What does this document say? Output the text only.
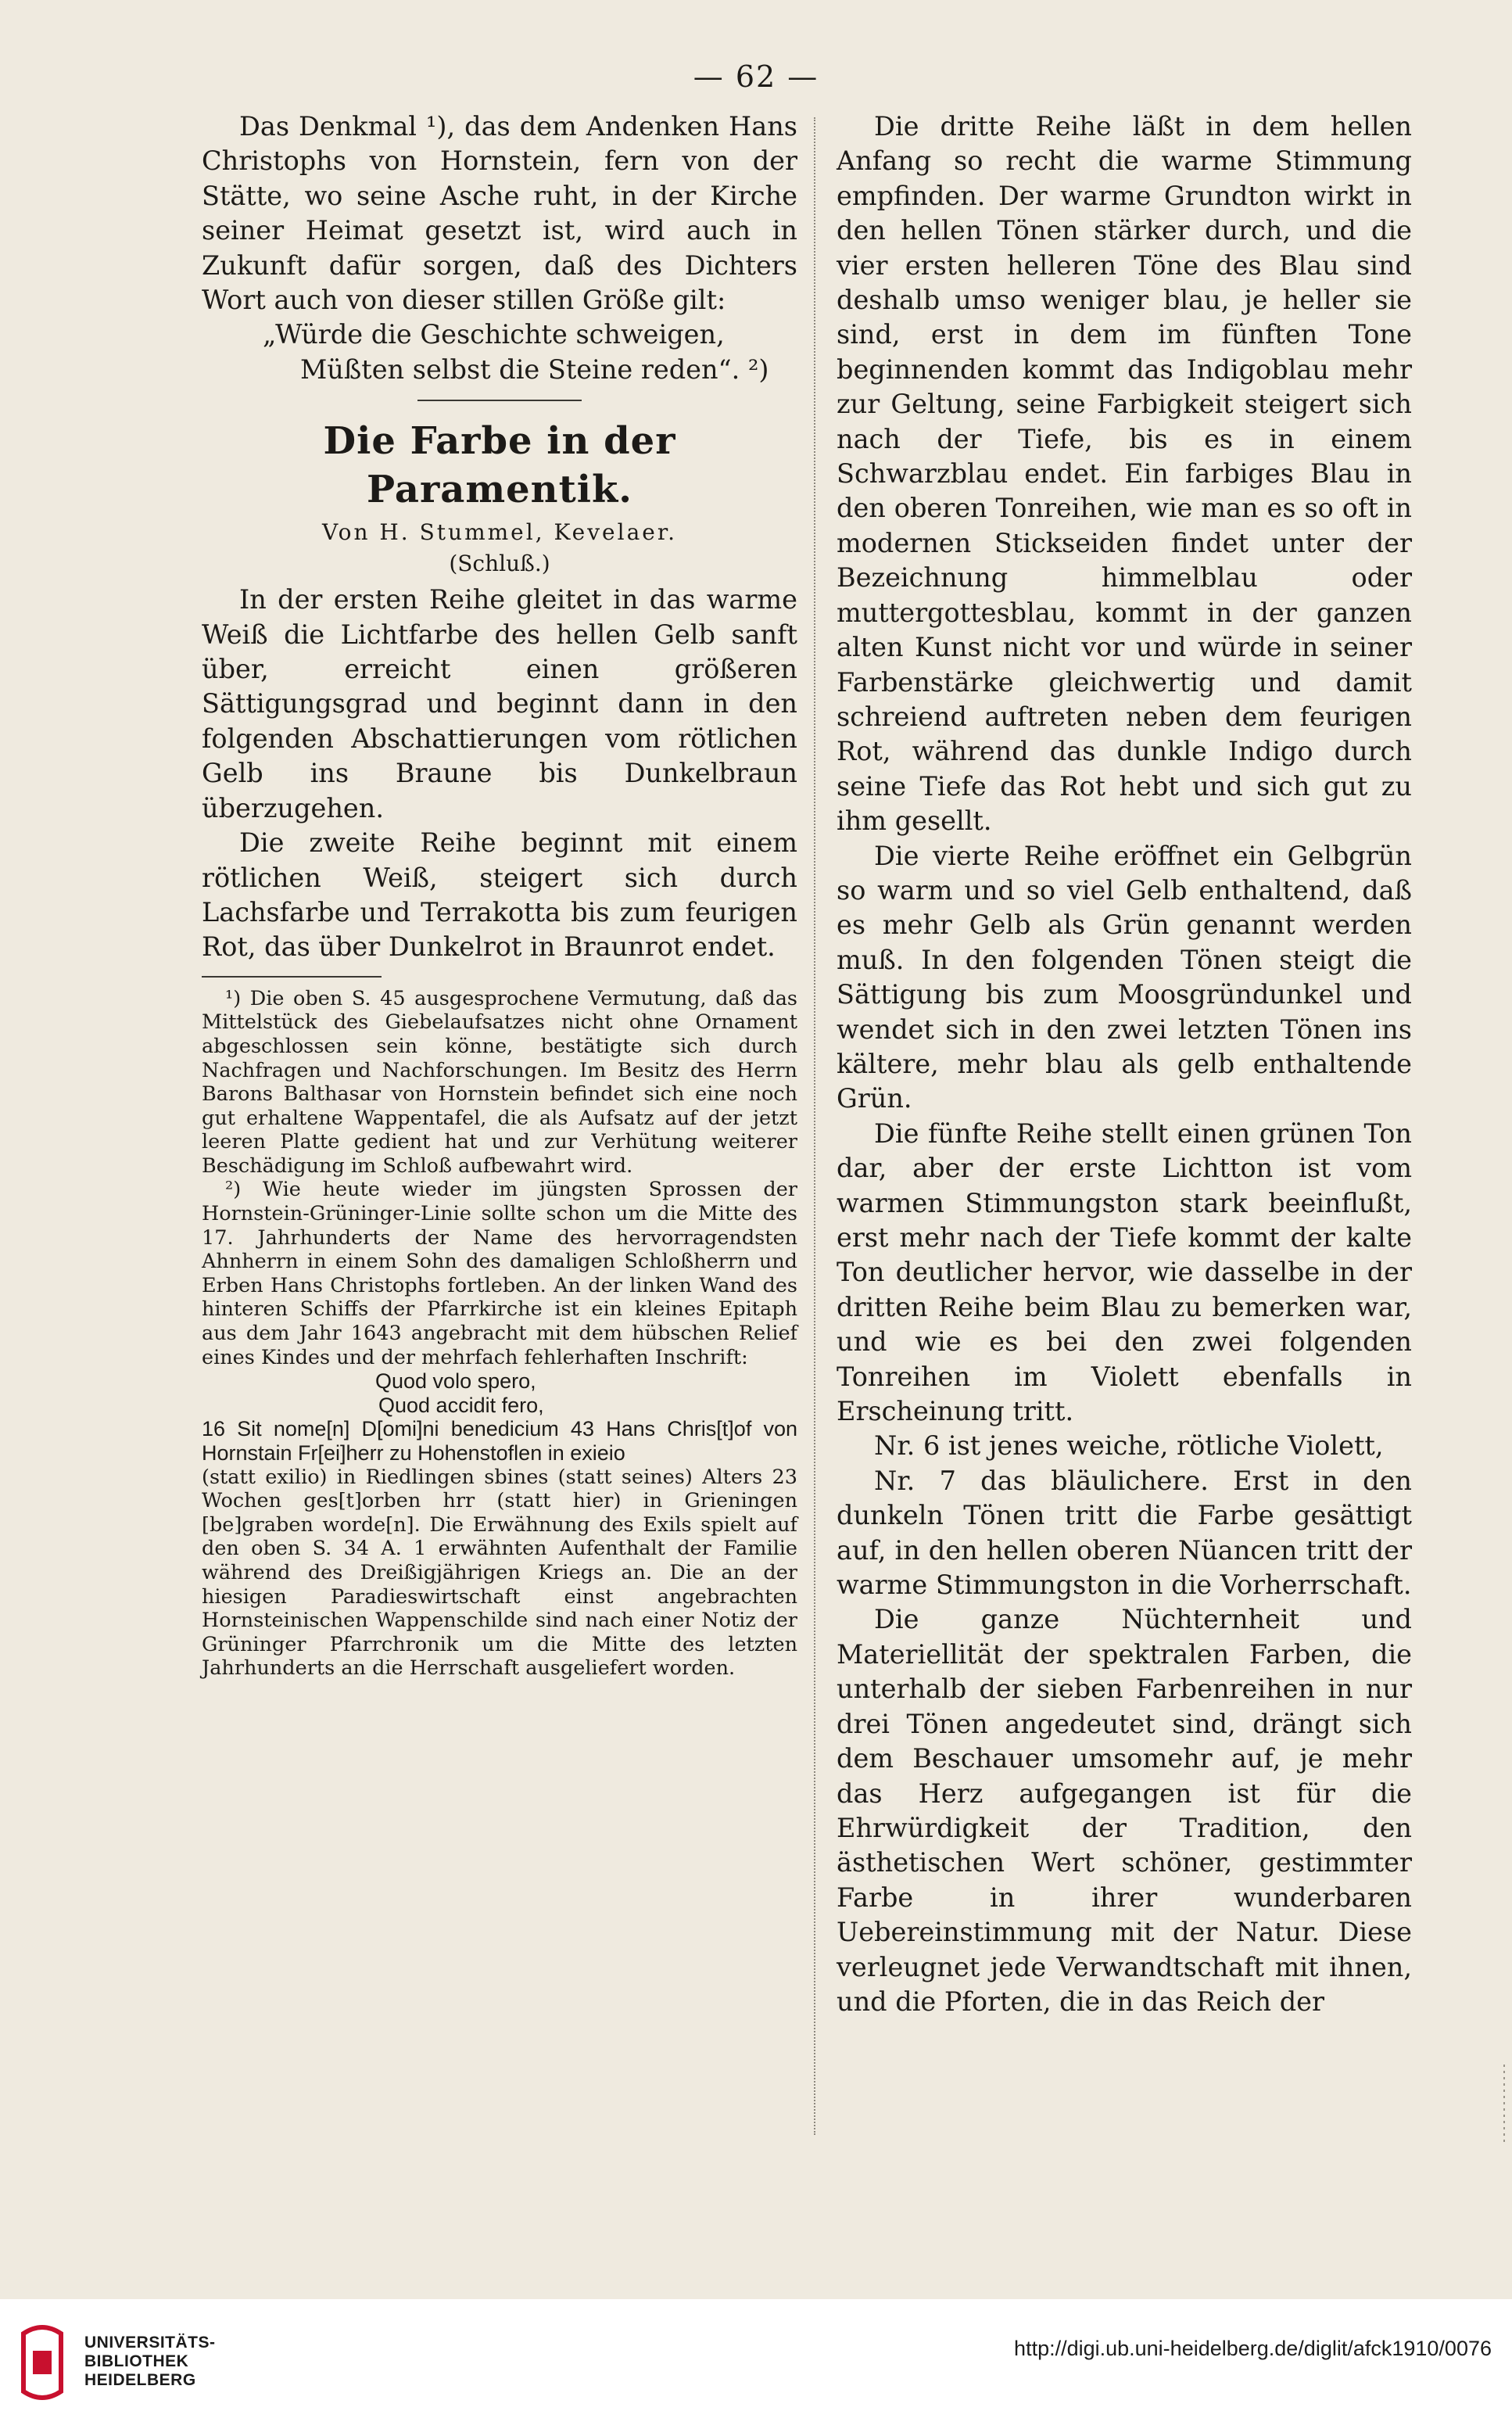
— 62 —

Das Denkmal ¹), das dem Andenken Hans Christophs von Hornstein, fern von der Stätte, wo seine Asche ruht, in der Kirche seiner Heimat gesetzt ist, wird auch in Zukunft dafür sorgen, daß des Dichters Wort auch von dieser stillen Größe gilt:

„Würde die Geschichte schweigen,

Müßten selbst die Steine reden“. ²)

Die Farbe in der Paramentik.

Von H. Stummel, Kevelaer.

(Schluß.)

In der ersten Reihe gleitet in das warme Weiß die Lichtfarbe des hellen Gelb sanft über, erreicht einen größeren Sättigungsgrad und beginnt dann in den folgenden Abschattierungen vom rötlichen Gelb ins Braune bis Dunkelbraun überzugehen.

Die zweite Reihe beginnt mit einem rötlichen Weiß, steigert sich durch Lachsfarbe und Terrakotta bis zum feurigen Rot, das über Dunkelrot in Braunrot endet.

¹) Die oben S. 45 ausgesprochene Vermutung, daß das Mittelstück des Giebelaufsatzes nicht ohne Ornament abgeschlossen sein könne, bestätigte sich durch Nachfragen und Nachforschungen. Im Besitz des Herrn Barons Balthasar von Hornstein befindet sich eine noch gut erhaltene Wappentafel, die als Aufsatz auf der jetzt leeren Platte gedient hat und zur Verhütung weiterer Beschädigung im Schloß aufbewahrt wird.

²) Wie heute wieder im jüngsten Sprossen der Hornstein-Grüninger-Linie sollte schon um die Mitte des 17. Jahrhunderts der Name des hervorragendsten Ahnherrn in einem Sohn des damaligen Schloßherrn und Erben Hans Christophs fortleben. An der linken Wand des hinteren Schiffs der Pfarrkirche ist ein kleines Epitaph aus dem Jahr 1643 angebracht mit dem hübschen Relief eines Kindes und der mehrfach fehlerhaften Inschrift:

Quod volo spero,

Quod accidit fero,

16 Sit nome[n] D[omi]ni benedicium 43 Hans Chris[t]of von Hornstain Fr[ei]herr zu Hohenstoflen in exieio

(statt exilio) in Riedlingen sbines (statt seines) Alters 23 Wochen ges[t]orben hrr (statt hier) in Grieningen [be]graben worde[n]. Die Erwähnung des Exils spielt auf den oben S. 34 A. 1 erwähnten Aufenthalt der Familie während des Dreißigjährigen Kriegs an. Die an der hiesigen Paradieswirtschaft einst angebrachten Hornsteinischen Wappenschilde sind nach einer Notiz der Grüninger Pfarrchronik um die Mitte des letzten Jahrhunderts an die Herrschaft ausgeliefert worden.

Die dritte Reihe läßt in dem hellen Anfang so recht die warme Stimmung empfinden. Der warme Grundton wirkt in den hellen Tönen stärker durch, und die vier ersten helleren Töne des Blau sind deshalb umso weniger blau, je heller sie sind, erst in dem im fünften Tone beginnenden kommt das Indigoblau mehr zur Geltung, seine Farbigkeit steigert sich nach der Tiefe, bis es in einem Schwarzblau endet. Ein farbiges Blau in den oberen Tonreihen, wie man es so oft in modernen Stickseiden findet unter der Bezeichnung himmelblau oder muttergottesblau, kommt in der ganzen alten Kunst nicht vor und würde in seiner Farbenstärke gleichwertig und damit schreiend auftreten neben dem feurigen Rot, während das dunkle Indigo durch seine Tiefe das Rot hebt und sich gut zu ihm gesellt.

Die vierte Reihe eröffnet ein Gelbgrün so warm und so viel Gelb enthaltend, daß es mehr Gelb als Grün genannt werden muß. In den folgenden Tönen steigt die Sättigung bis zum Moosgründunkel und wendet sich in den zwei letzten Tönen ins kältere, mehr blau als gelb enthaltende Grün.

Die fünfte Reihe stellt einen grünen Ton dar, aber der erste Lichtton ist vom warmen Stimmungston stark beeinflußt, erst mehr nach der Tiefe kommt der kalte Ton deutlicher hervor, wie dasselbe in der dritten Reihe beim Blau zu bemerken war, und wie es bei den zwei folgenden Tonreihen im Violett ebenfalls in Erscheinung tritt.

Nr. 6 ist jenes weiche, rötliche Violett,

Nr. 7 das bläulichere. Erst in den dunkeln Tönen tritt die Farbe gesättigt auf, in den hellen oberen Nüancen tritt der warme Stimmungston in die Vorherrschaft.

Die ganze Nüchternheit und Materiellität der spektralen Farben, die unterhalb der sieben Farbenreihen in nur drei Tönen angedeutet sind, drängt sich dem Beschauer umsomehr auf, je mehr das Herz aufgegangen ist für die Ehrwürdigkeit der Tradition, den ästhetischen Wert schöner, gestimmter Farbe in ihrer wunderbaren Uebereinstimmung mit der Natur. Diese verleugnet jede Verwandtschaft mit ihnen, und die Pforten, die in das Reich der

UNIVERSITÄTS-
BIBLIOTHEK
HEIDELBERG
http://digi.ub.uni-heidelberg.de/diglit/afck1910/0076
